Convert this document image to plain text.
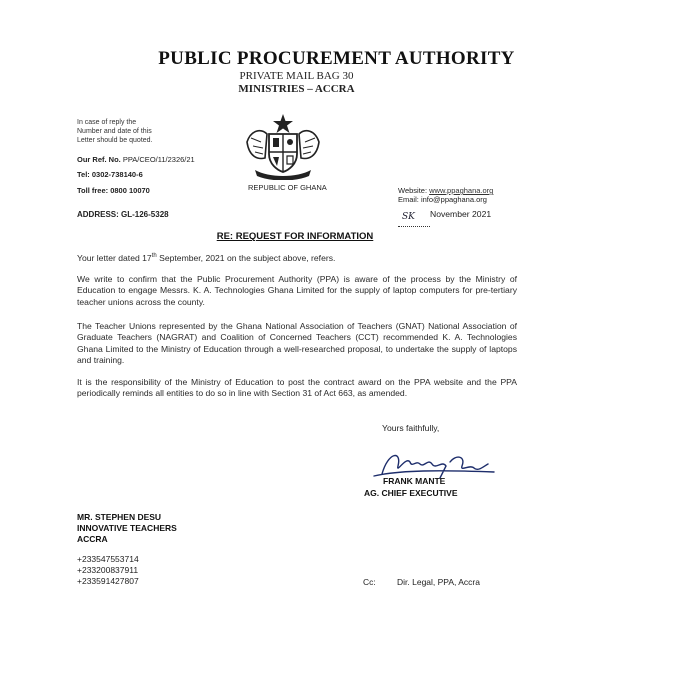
PUBLIC PROCUREMENT AUTHORITY
PRIVATE MAIL BAG 30
MINISTRIES – ACCRA
In case of reply the
Number and date of this
Letter should be quoted.
Our Ref. No. PPA/CEO/11/2326/21
Tel: 0302-738140-6
Toll free: 0800 10070
ADDRESS: GL-126-5328
REPUBLIC OF GHANA	Website: www.ppaghana.org
Email: info@ppaghana.org
SK	November 2021
RE: REQUEST FOR INFORMATION
Your letter dated 17th September, 2021 on the subject above, refers.
We write to confirm that the Public Procurement Authority (PPA) is aware of the process by the Ministry of Education to engage Messrs. K. A. Technologies Ghana Limited for the supply of laptop computers for pre-tertiary teacher unions across the county.
The Teacher Unions represented by the Ghana National Association of Teachers (GNAT) National Association of Graduate Teachers (NAGRAT) and Coalition of Concerned Teachers (CCT) recommended K. A. Technologies Ghana Limited to the Ministry of Education through a well-researched proposal, to undertake the supply of laptops and training.
It is the responsibility of the Ministry of Education to post the contract award on the PPA website and the PPA periodically reminds all entities to do so in line with Section 31 of Act 663, as amended.
Yours faithfully,
FRANK MANTE
AG. CHIEF EXECUTIVE
MR. STEPHEN DESU
INNOVATIVE TEACHERS
ACCRA
+233547553714
+233200837911
+233591427807	Cc:	Dir. Legal, PPA, Accra
